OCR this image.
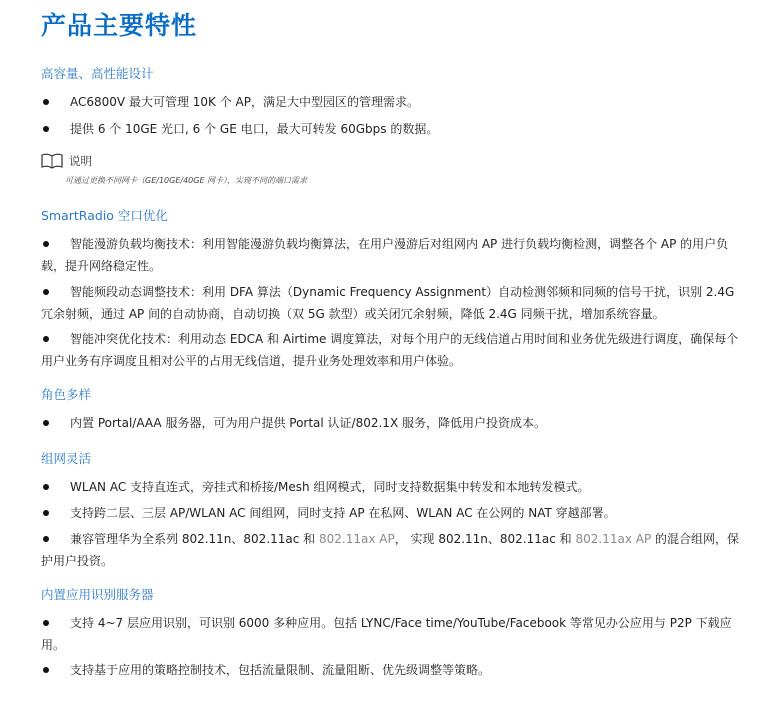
产品主要特性
高容量、高性能设计
AC6800V 最大可管理 10K 个 AP，满足大中型园区的管理需求。
提供 6 个 10GE 光口, 6 个 GE 电口，最大可转发 60Gbps 的数据。
说明
可通过更换不同网卡（GE/10GE/40GE 网卡），实现不同的端口需求
SmartRadio 空口优化
智能漫游负载均衡技术：利用智能漫游负载均衡算法，在用户漫游后对组网内 AP 进行负载均衡检测，调整各个 AP 的用户负载，提升网络稳定性。
智能频段动态调整技术：利用 DFA 算法（Dynamic Frequency Assignment）自动检测邻频和同频的信号干扰，识别 2.4G 冗余射频，通过 AP 间的自动协商，自动切换（双 5G 款型）或关闭冗余射频，降低 2.4G 同频干扰，增加系统容量。
智能冲突优化技术：利用动态 EDCA 和 Airtime 调度算法，对每个用户的无线信道占用时间和业务优先级进行调度，确保每个用户业务有序调度且相对公平的占用无线信道，提升业务处理效率和用户体验。
角色多样
内置 Portal/AAA 服务器，可为用户提供 Portal 认证/802.1X 服务，降低用户投资成本。
组网灵活
WLAN AC 支持直连式，旁挂式和桥接/Mesh 组网模式，同时支持数据集中转发和本地转发模式。
支持跨二层、三层 AP/WLAN AC 间组网，同时支持 AP 在私网、WLAN AC 在公网的 NAT 穿越部署。
兼容管理华为全系列 802.11n、802.11ac 和 802.11ax AP， 实现 802.11n、802.11ac 和 802.11ax AP 的混合组网，保护用户投资。
内置应用识别服务器
支持 4~7 层应用识别，可识别 6000 多种应用。包括 LYNC/Face time/YouTube/Facebook 等常见办公应用与 P2P 下载应用。
支持基于应用的策略控制技术，包括流量限制、流量阻断、优先级调整等策略。
